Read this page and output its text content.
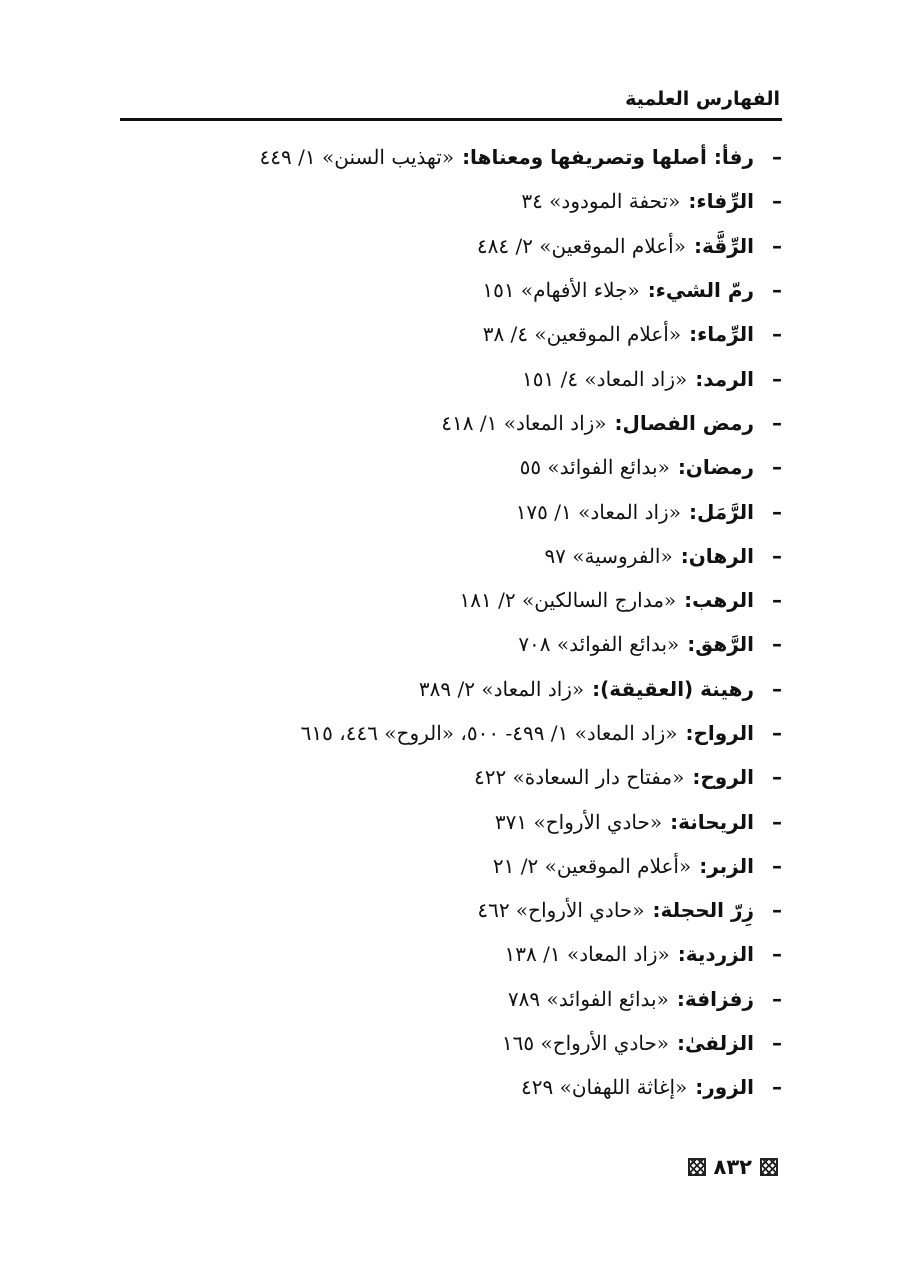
الفهارس العلمية
–
رفأ: أصلها وتصريفها ومعناها:
«تهذيب السنن» ١/ ٤٤٩
–
الرِّفاء:
«تحفة المودود» ٣٤
–
الرِّقَّة:
«أعلام الموقعين» ٢/ ٤٨٤
–
رمّ الشيء:
«جلاء الأفهام» ١٥١
–
الرِّماء:
«أعلام الموقعين» ٤/ ٣٨
–
الرمد:
«زاد المعاد» ٤/ ١٥١
–
رمض الفصال:
«زاد المعاد» ١/ ٤١٨
–
رمضان:
«بدائع الفوائد» ٥٥
–
الرَّمَل:
«زاد المعاد» ١/ ١٧٥
–
الرهان:
«الفروسية» ٩٧
–
الرهب:
«مدارج السالكين» ٢/ ١٨١
–
الرَّهق:
«بدائع الفوائد» ٧٠٨
–
رهينة (العقيقة):
«زاد المعاد» ٢/ ٣٨٩
–
الرواح:
«زاد المعاد» ١/ ٤٩٩- ٥٠٠، «الروح» ٤٤٦، ٦١٥
–
الروح:
«مفتاح دار السعادة» ٤٢٢
–
الريحانة:
«حادي الأرواح» ٣٧١
–
الزبر:
«أعلام الموقعين» ٢/ ٢١
–
زِرّ الحجلة:
«حادي الأرواح» ٤٦٢
–
الزردية:
«زاد المعاد» ١/ ١٣٨
–
زفزافة:
«بدائع الفوائد» ٧٨٩
–
الزلفىٰ:
«حادي الأرواح» ١٦٥
–
الزور:
«إغاثة اللهفان» ٤٢٩
٨٣٢
